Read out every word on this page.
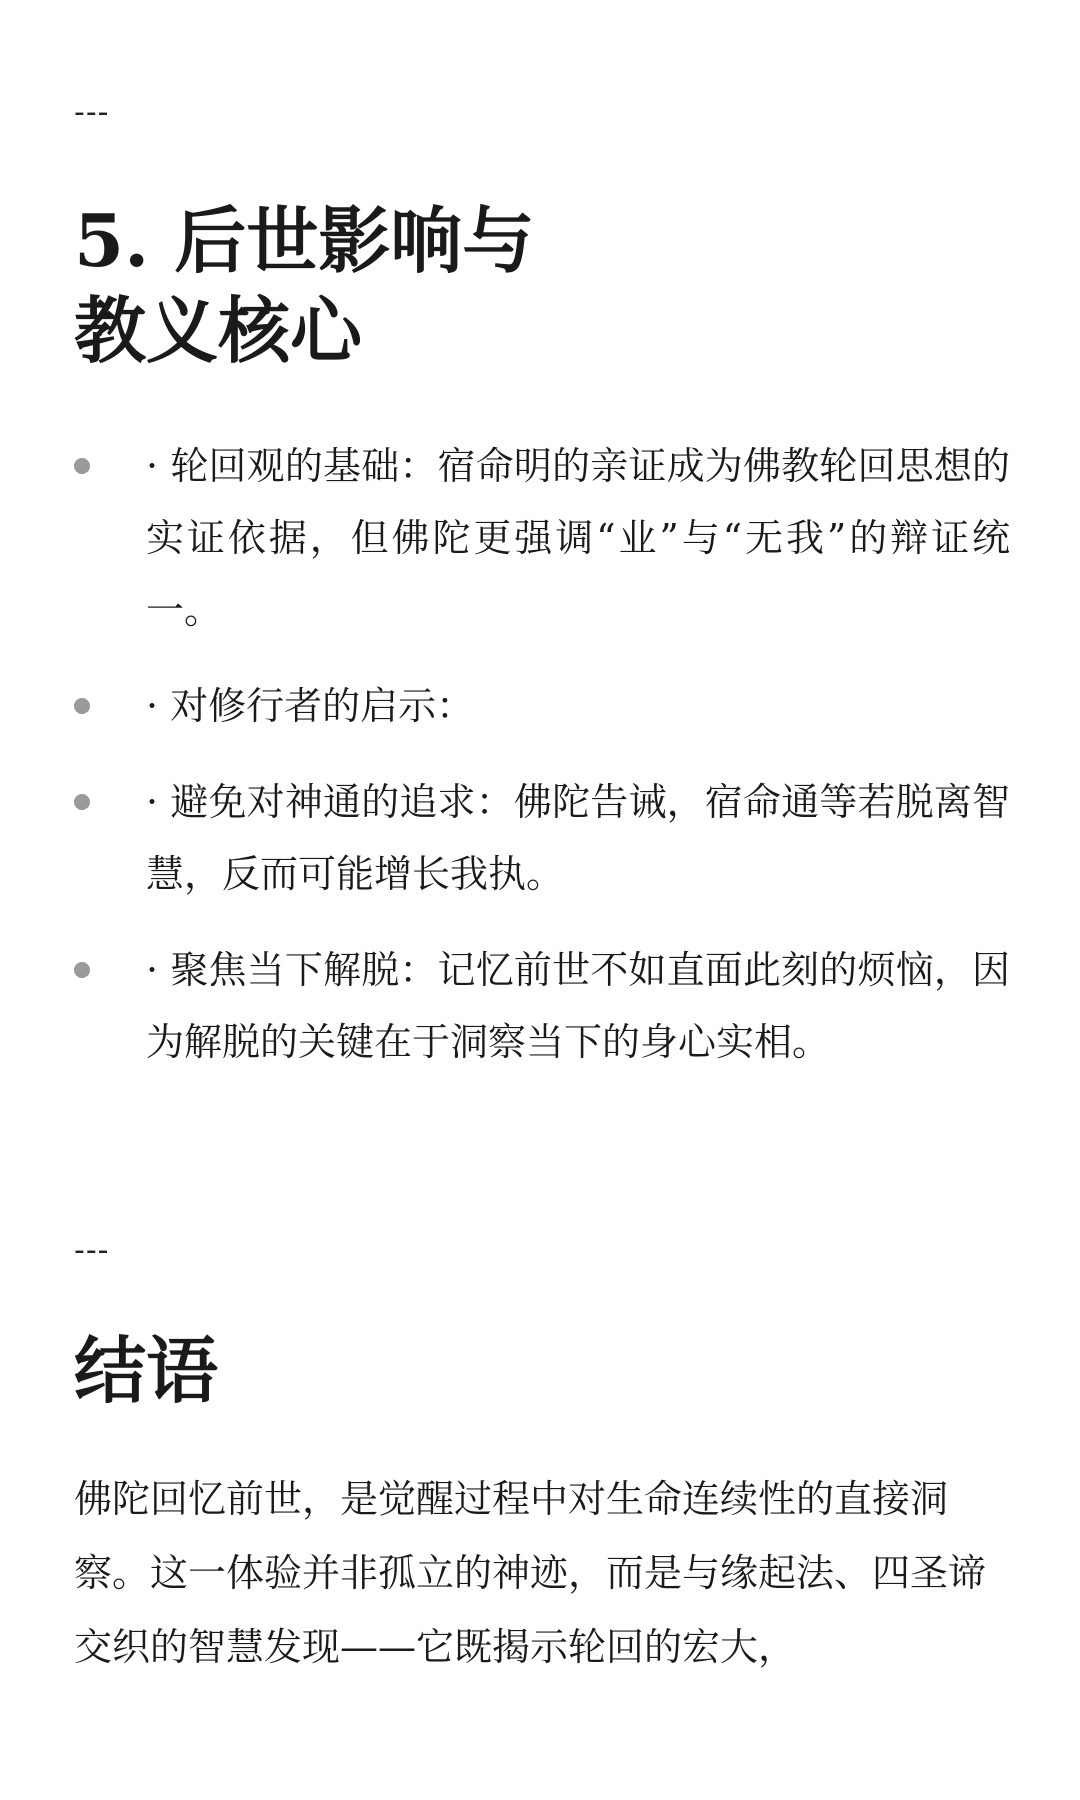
---
5. 后世影响与
教义核心
· 轮回观的基础：宿命明的亲证成为佛教轮回思想的实证依据，但佛陀更强调“业”与“无我”的辩证统一。
· 对修行者的启示：
· 避免对神通的追求：佛陀告诫，宿命通等若脱离智慧，反而可能增长我执。
· 聚焦当下解脱：记忆前世不如直面此刻的烦恼，因为解脱的关键在于洞察当下的身心实相。
---
结语

佛陀回忆前世，是觉醒过程中对生命连续性的直接洞察。这一体验并非孤立的神迹，而是与缘起法、四圣谛交织的智慧发现——它既揭示轮回的宏大，
